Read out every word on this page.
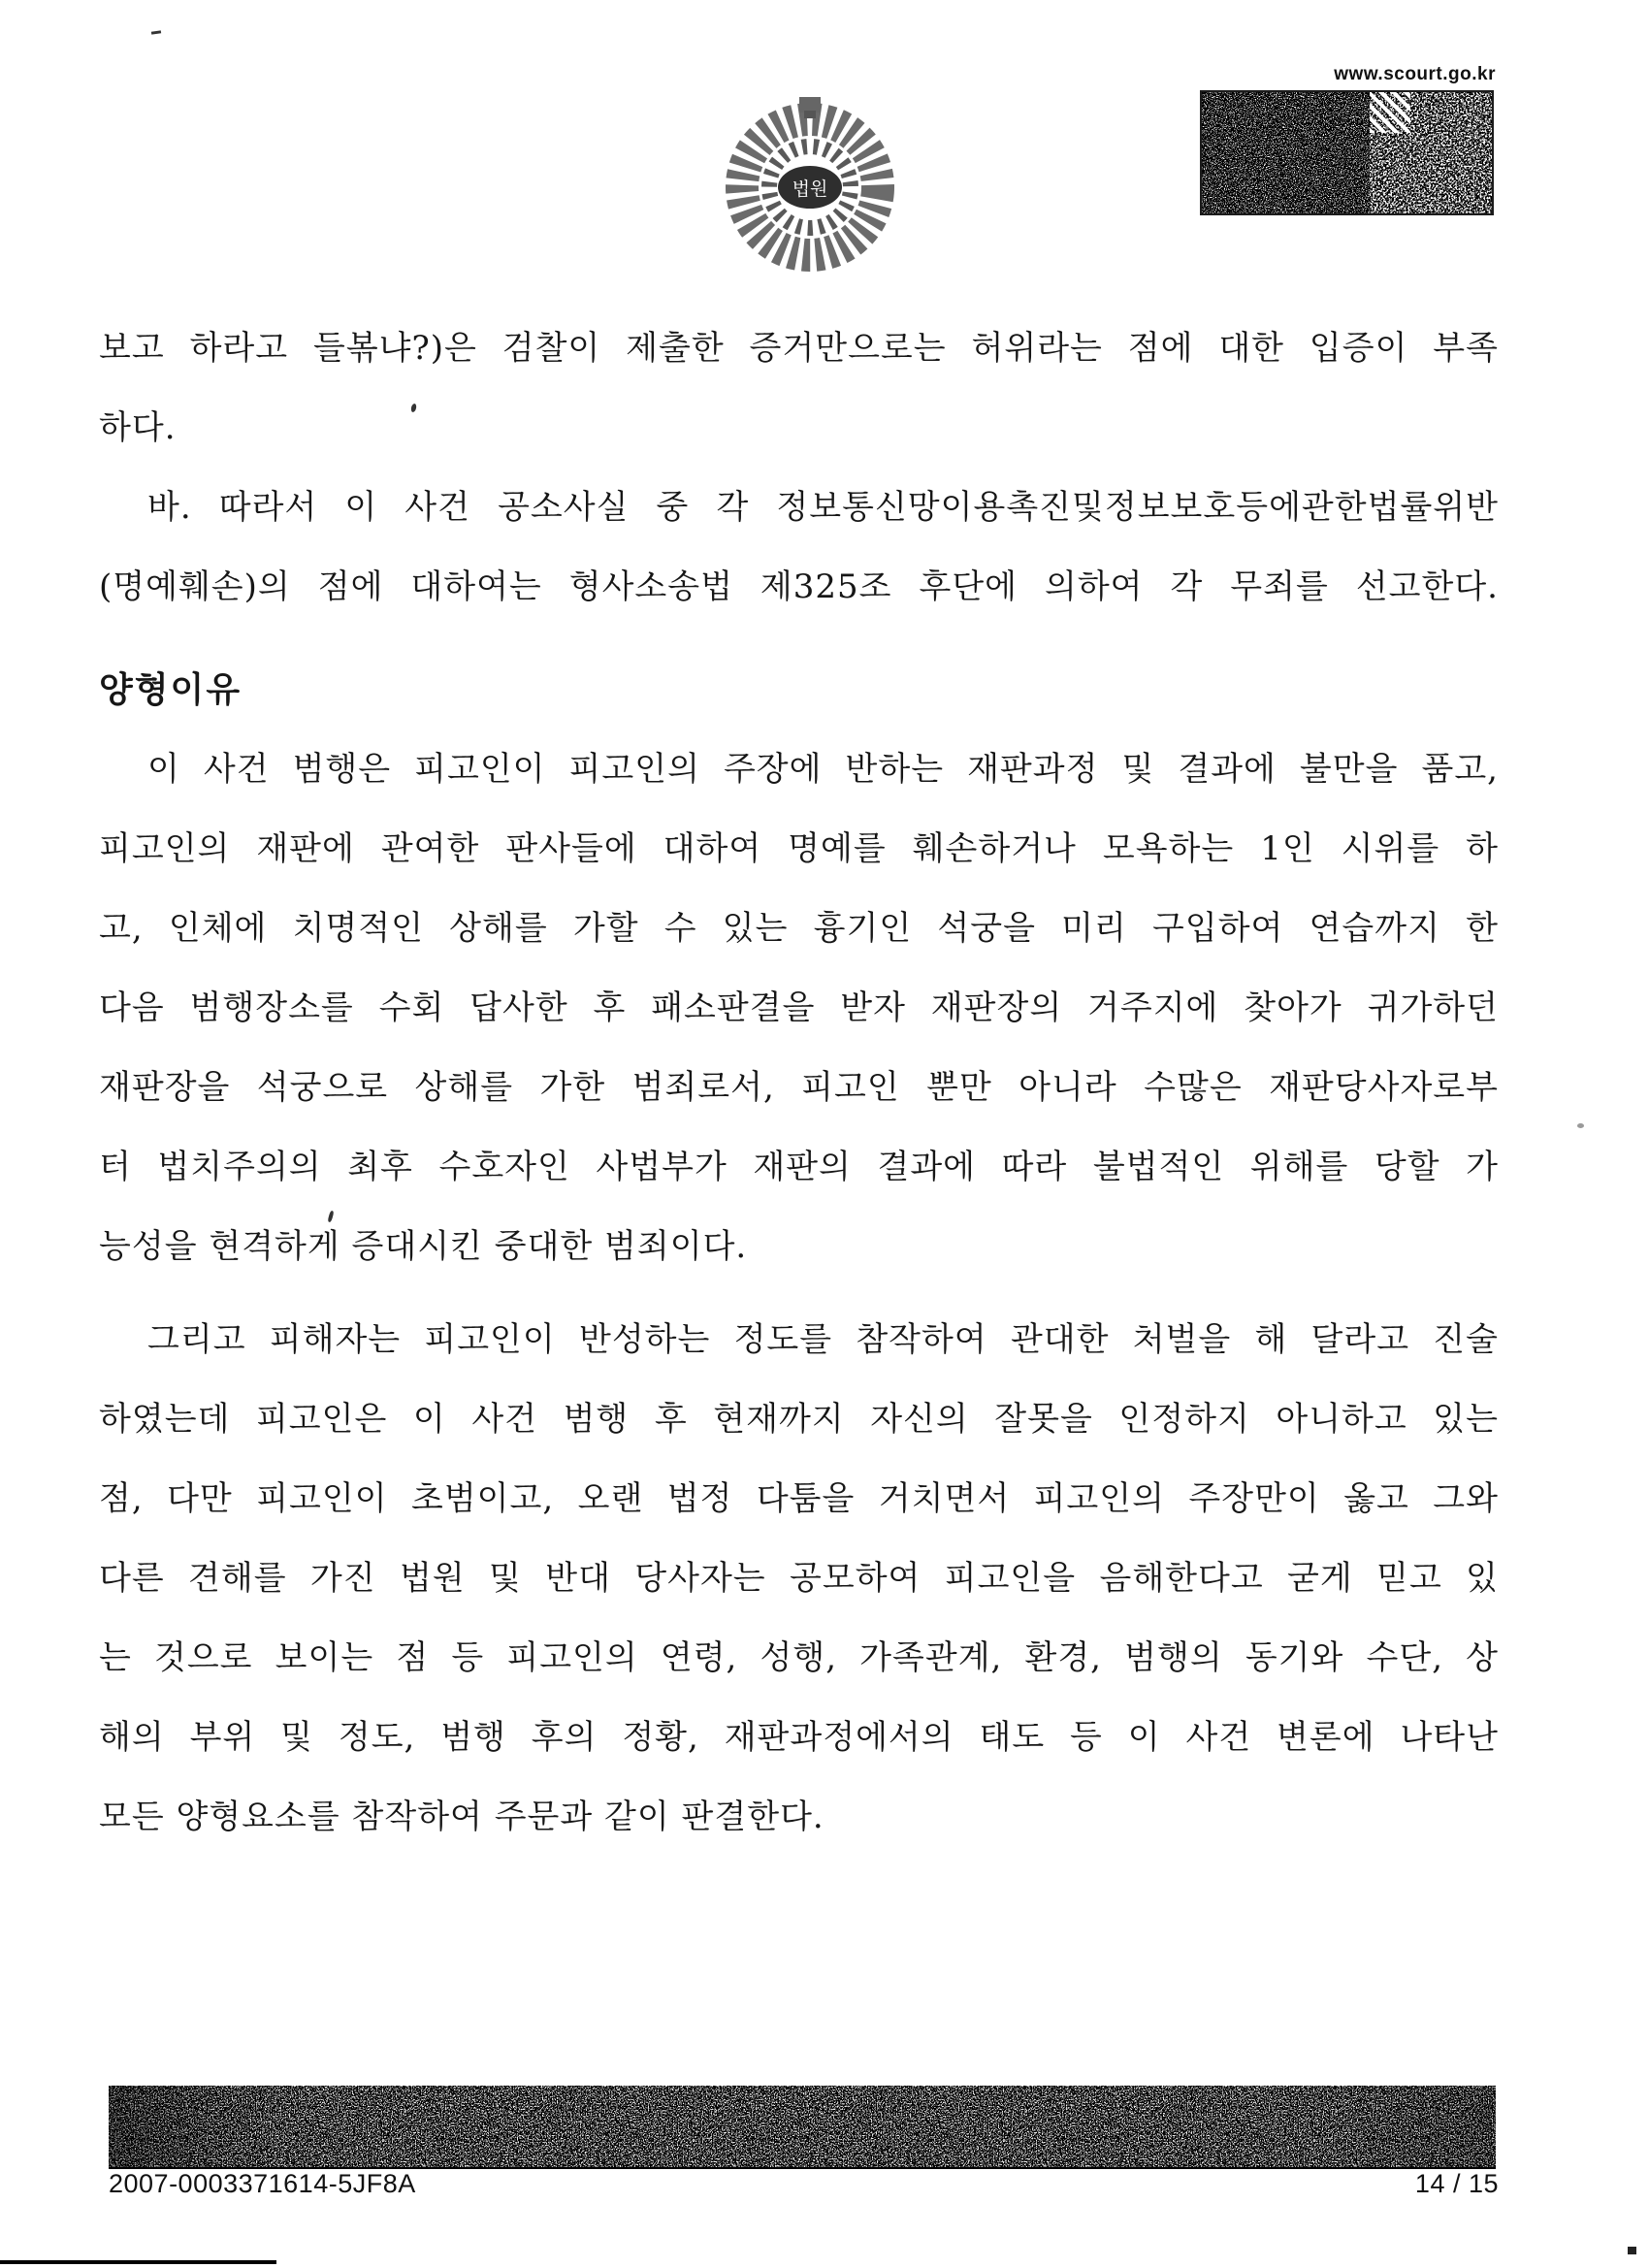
법원
www.scourt.go.kr
보고 하라고 들볶냐?)은 검찰이 제출한 증거만으로는 허위라는 점에 대한 입증이 부족
하다.
바. 따라서 이 사건 공소사실 중 각 정보통신망이용촉진및정보보호등에관한법률위반
(명예훼손)의 점에 대하여는 형사소송법 제325조 후단에 의하여 각 무죄를 선고한다.
양형이유
이 사건 범행은 피고인이 피고인의 주장에 반하는 재판과정 및 결과에 불만을 품고,
피고인의 재판에 관여한 판사들에 대하여 명예를 훼손하거나 모욕하는 1인 시위를 하
고, 인체에 치명적인 상해를 가할 수 있는 흉기인 석궁을 미리 구입하여 연습까지 한
다음 범행장소를 수회 답사한 후 패소판결을 받자 재판장의 거주지에 찾아가 귀가하던
재판장을 석궁으로 상해를 가한 범죄로서, 피고인 뿐만 아니라 수많은 재판당사자로부
터 법치주의의 최후 수호자인 사법부가 재판의 결과에 따라 불법적인 위해를 당할 가
능성을 현격하게 증대시킨 중대한 범죄이다.
그리고 피해자는 피고인이 반성하는 정도를 참작하여 관대한 처벌을 해 달라고 진술
하였는데 피고인은 이 사건 범행 후 현재까지 자신의 잘못을 인정하지 아니하고 있는
점, 다만 피고인이 초범이고, 오랜 법정 다툼을 거치면서 피고인의 주장만이 옳고 그와
다른 견해를 가진 법원 및 반대 당사자는 공모하여 피고인을 음해한다고 굳게 믿고 있
는 것으로 보이는 점 등 피고인의 연령, 성행, 가족관계, 환경, 범행의 동기와 수단, 상
해의 부위 및 정도, 범행 후의 정황, 재판과정에서의 태도 등 이 사건 변론에 나타난
모든 양형요소를 참작하여 주문과 같이 판결한다.
2007-0003371614-5JF8A	14 / 15
